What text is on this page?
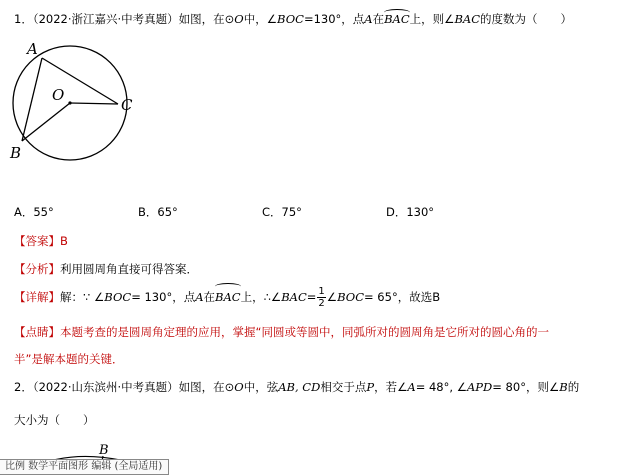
1．（2022·浙江嘉兴·中考真题）如图，在⊙O中，∠BOC=130°，点A在BAC上，则∠BAC的度数为（　　）
A
O
B
C
A．55°	B．65°	C．75°	D．130°
【答案】B
【分析】利用圆周角直接可得答案．
【详解】解：∵ ∠BOC= 130°，点A在BAC上，∴∠BAC= $\frac{1}{2}$ ∠BOC= 65°，故选B
【点睛】本题考查的是圆周角定理的应用，掌握“同圆或等圆中，同弧所对的圆周角是它所对的圆心角的一
半”是解本题的关键．
2．（2022·山东滨州·中考真题）如图，在⊙O中，弦AB, CD相交于点P，若∠A= 48°, ∠APD= 80°，则∠B的
大小为（　　）
B
比例 数学平面图形 编辑 (全局适用)
